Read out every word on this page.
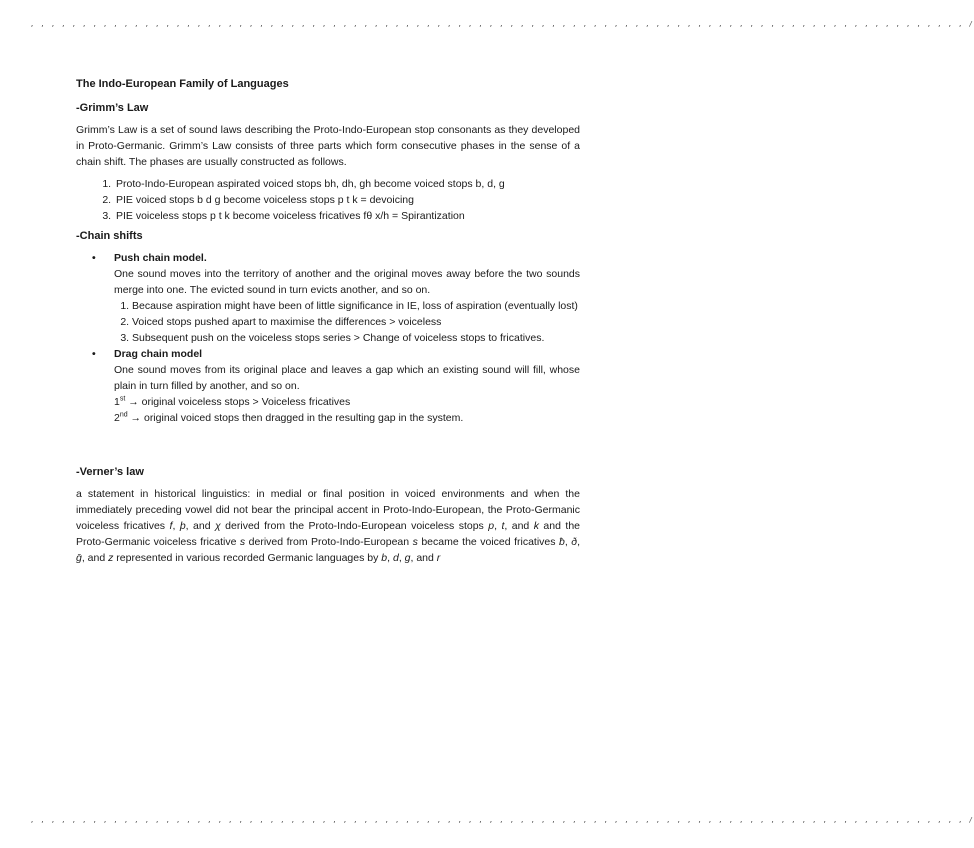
‚ ‚ ‚ ‚ ‚ ‚ ‚ ‚ ‚ ‚ ‚ ‚ ‚ ‚ ‚ ‚ ‚ ‚ ‚ ‚ ‚ ‚ ‚ ‚ ‚ ‚ ‚ ‚ ‚ ‚ ‚ ‚ ‚ ‚ ‚ ‚ ‚ ‚ ‚ ‚ ‚ ‚ ‚ ‚ ‚ ‚ ‚ ‚ ‚ ‚ ‚ ‚ ‚ ‚ ‚ ‚ ‚ ‚ ‚ ‚ ‚ ‚ ‚ ‚ ‚ ‚ ‚ ‚ ‚ ‚ ‚ ‚ ‚ ‚ ‚ ‚ ‚ ‚ ‚ ‚ ‚ ‚ ‚ ‚ ‚ ‚ ‚ ‚ ‚ ‚ /
The Indo-European Family of Languages
-Grimm’s Law

Grimm’s Law is a set of sound laws describing the Proto-Indo-European stop consonants as they developed in Proto-Germanic. Grimm’s Law consists of three parts which form consecutive phases in the sense of a chain shift. The phases are usually constructed as follows.

1. Proto-Indo-European aspirated voiced stops bh, dh, gh become voiced stops b, d, g
2. PIE voiced stops b d g become voiceless stops p t k = devoicing
3. PIE voiceless stops p t k become voiceless fricatives fθ x/h = Spirantization
-Chain shifts
• Push chain model.
One sound moves into the territory of another and the original moves away before the two sounds merge into one. The evicted sound in turn evicts another, and so on.
1. Because aspiration might have been of little significance in IE, loss of aspiration (eventually lost)
2. Voiced stops pushed apart to maximise the differences > voiceless
3. Subsequent push on the voiceless stops series > Change of voiceless stops to fricatives.
• Drag chain model
One sound moves from its original place and leaves a gap which an existing sound will fill, whose plain in turn filled by another, and so on.
1st → original voiceless stops > Voiceless fricatives
2nd → original voiced stops then dragged in the resulting gap in the system.
-Verner’s law

a statement in historical linguistics: in medial or final position in voiced environments and when the immediately preceding vowel did not bear the principal accent in Proto-Indo-European, the Proto-Germanic voiceless fricatives f, þ, and χ derived from the Proto-Indo-European voiceless stops p, t, and k and the Proto-Germanic voiceless fricative s derived from Proto-Indo-European s became the voiced fricatives ƀ, ð, ḡ, and z represented in various recorded Germanic languages by b, d, g, and r

‚ ‚ ‚ ‚ ‚ ‚ ‚ ‚ ‚ ‚ ‚ ‚ ‚ ‚ ‚ ‚ ‚ ‚ ‚ ‚ ‚ ‚ ‚ ‚ ‚ ‚ ‚ ‚ ‚ ‚ ‚ ‚ ‚ ‚ ‚ ‚ ‚ ‚ ‚ ‚ ‚ ‚ ‚ ‚ ‚ ‚ ‚ ‚ ‚ ‚ ‚ ‚ ‚ ‚ ‚ ‚ ‚ ‚ ‚ ‚ ‚ ‚ ‚ ‚ ‚ ‚ ‚ ‚ ‚ ‚ ‚ ‚ ‚ ‚ ‚ ‚ ‚ ‚ ‚ ‚ ‚ ‚ ‚ ‚ ‚ ‚ ‚ ‚ ‚ ‚ /
